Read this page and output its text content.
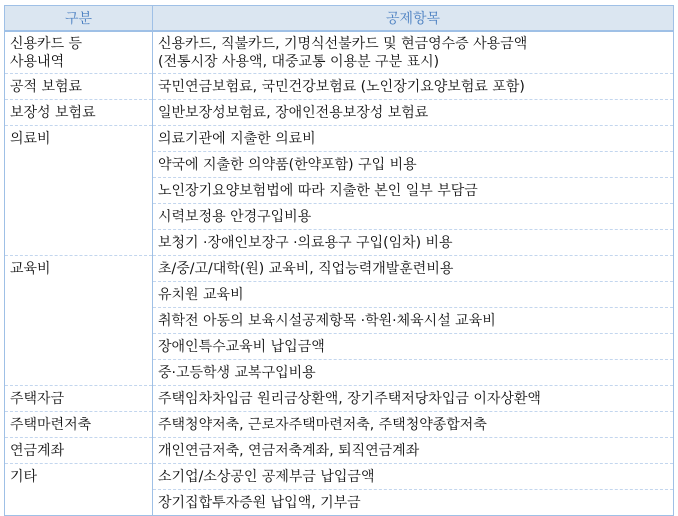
구분	공제항목
신용카드 등
사용내역	신용카드, 직불카드, 기명식선불카드 및 현금영수증 사용금액
(전통시장 사용액, 대중교통 이용분 구분 표시)
공적 보험료	국민연금보험료, 국민건강보험료 (노인장기요양보험료 포함)
보장성 보험료	일반보장성보험료, 장애인전용보장성 보험료
의료비	의료기관에 지출한 의료비
	약국에 지출한 의약품(한약포함) 구입 비용
	노인장기요양보험법에 따라 지출한 본인 일부 부담금
	시력보정용 안경구입비용
	보청기 ·장애인보장구 ·의료용구 구입(임차) 비용
교육비	초/중/고/대학(원) 교육비, 직업능력개발훈련비용
	유치원 교육비
	취학전 아동의 보육시설공제항목 ·학원·체육시설 교육비
	장애인특수교육비 납입금액
	중·고등학생 교복구입비용
주택자금	주택임차차입금 원리금상환액, 장기주택저당차입금 이자상환액
주택마련저축	주택청약저축, 근로자주택마련저축, 주택청약종합저축
연금계좌	개인연금저축, 연금저축계좌, 퇴직연금계좌
기타	소기업/소상공인 공제부금 납입금액
	장기집합투자증원 납입액, 기부금
